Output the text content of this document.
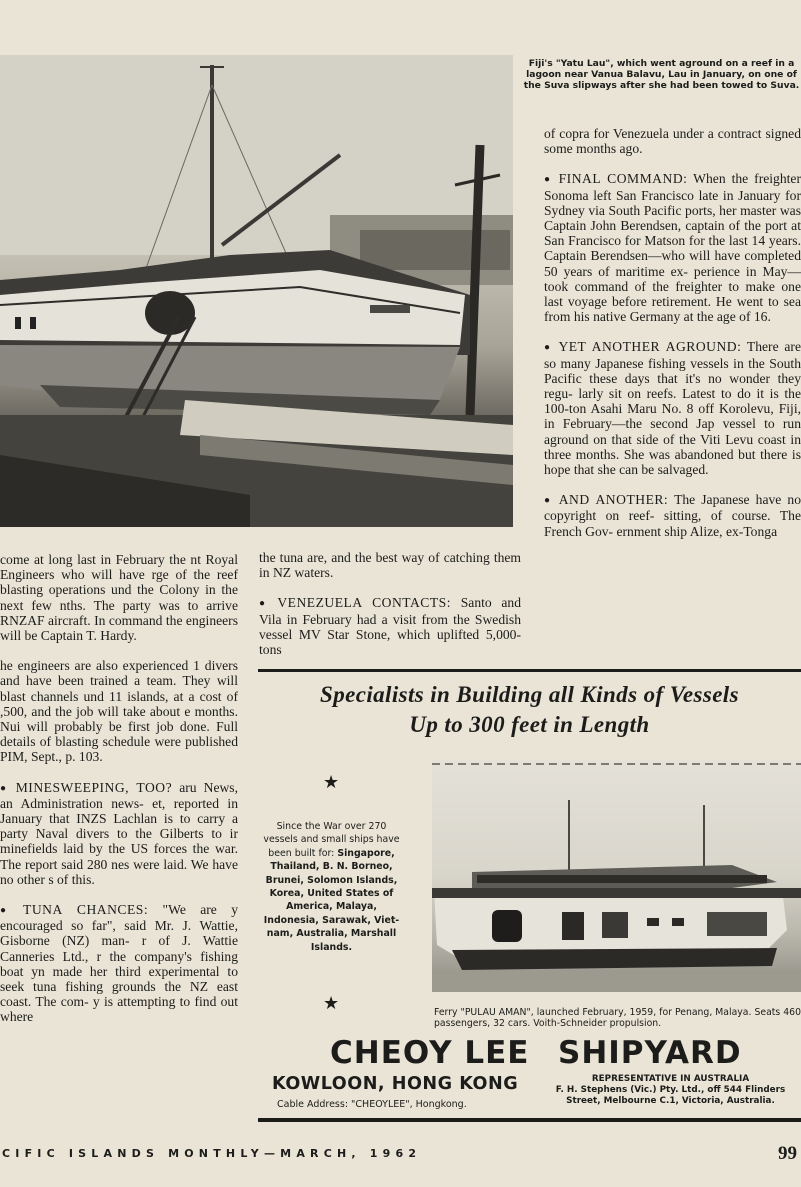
Fiji's "Yatu Lau", which went aground on a reef in a lagoon near Vanua Balavu, Lau in January, on one of the Suva slipways after she had been towed to Suva.

come at long last in February the nt Royal Engineers who will have rge of the reef blasting operations und the Colony in the next few nths. The party was to arrive RNZAF aircraft. In command the engineers will be Captain T. Hardy.

he engineers are also experienced 1 divers and have been trained a team. They will blast channels und 11 islands, at a cost of ,500, and the job will take about e months. Nui will probably be first job done. Full details of blasting schedule were published PIM, Sept., p. 103.

● MINESWEEPING, TOO? aru News, an Administration news- et, reported in January that INZS Lachlan is to carry a party Naval divers to the Gilberts to ir minefields laid by the US forces the war. The report said 280 nes were laid. We have no other s of this.

● TUNA CHANCES: "We are y encouraged so far", said Mr. J. Wattie, Gisborne (NZ) man- r of J. Wattie Canneries Ltd., r the company's fishing boat yn made her third experimental to seek tuna fishing grounds the NZ east coast. The com- y is attempting to find out where

the tuna are, and the best way of catching them in NZ waters.

● VENEZUELA CONTACTS: Santo and Vila in February had a visit from the Swedish vessel MV Star Stone, which uplifted 5,000-tons

of copra for Venezuela under a contract signed some months ago.

● FINAL COMMAND: When the freighter Sonoma left San Francisco late in January for Sydney via South Pacific ports, her master was Captain John Berendsen, captain of the port at San Francisco for Matson for the last 14 years. Captain Berendsen—who will have completed 50 years of maritime ex- perience in May—took command of the freighter to make one last voyage before retirement. He went to sea from his native Germany at the age of 16.

● YET ANOTHER AGROUND: There are so many Japanese fishing vessels in the South Pacific these days that it's no wonder they regu- larly sit on reefs. Latest to do it is the 100-ton Asahi Maru No. 8 off Korolevu, Fiji, in February—the second Jap vessel to run aground on that side of the Viti Levu coast in three months. She was abandoned but there is hope that she can be salvaged.

● AND ANOTHER: The Japanese have no copyright on reef- sitting, of course. The French Gov- ernment ship Alize, ex-Tonga

Specialists in Building all Kinds of Vessels
Up to 300 feet in Length
★
Since the War over 270 vessels and small ships have been built for: Singapore, Thailand, B. N. Borneo, Brunei, Solomon Islands, Korea, United States of America, Malaya, Indonesia, Sarawak, Viet-nam, Australia, Marshall Islands.
★	Ferry "PULAU AMAN", launched February, 1959, for Penang, Malaya. Seats 460 passengers, 32 cars. Voith-Schneider propulsion.
CHEOY LEE SHIPYARD
KOWLOON, HONG KONG
Cable Address: "CHEOYLEE", Hongkong.
REPRESENTATIVE IN AUSTRALIA
F. H. Stephens (Vic.) Pty. Ltd., off 544 Flinders
Street, Melbourne C.1, Victoria, Australia.
CIFIC ISLANDS MONTHLY—MARCH, 1962	99
